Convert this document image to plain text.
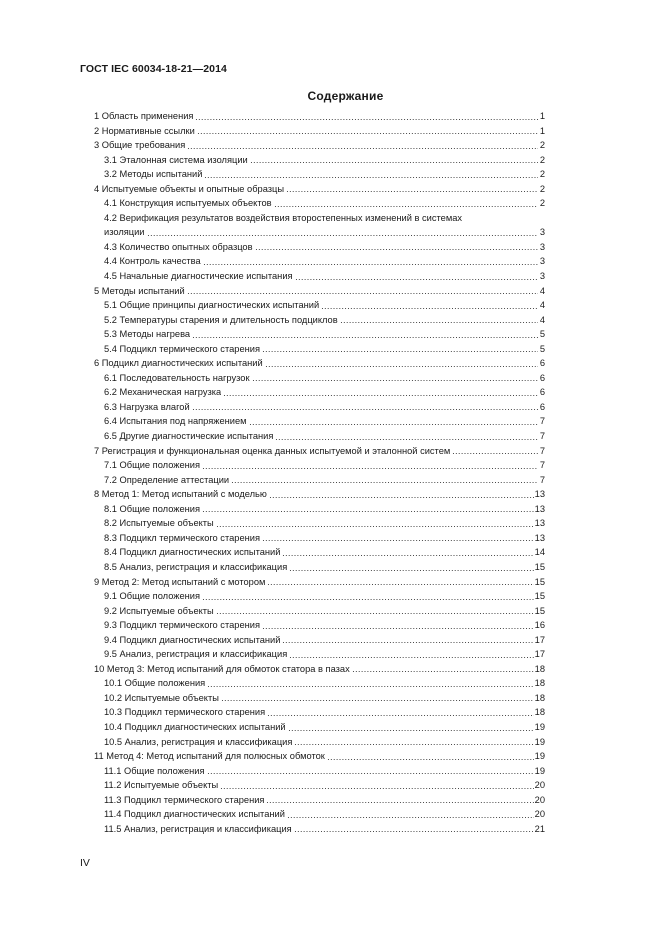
ГОСТ IEC 60034-18-21—2014
Содержание
1 Область применения	1
2 Нормативные ссылки	1
3 Общие требования	2
3.1 Эталонная система изоляции	2
3.2 Методы испытаний	2
4 Испытуемые объекты и опытные образцы	2
4.1 Конструкция испытуемых объектов	2
4.2 Верификация результатов воздействия второстепенных изменений в системах
изоляции	3
4.3 Количество опытных образцов	3
4.4 Контроль качества	3
4.5 Начальные диагностические испытания	3
5 Методы испытаний	4
5.1 Общие принципы диагностических испытаний	4
5.2 Температуры старения и длительность подциклов	4
5.3 Методы нагрева	5
5.4 Подцикл термического старения	5
6 Подцикл диагностических испытаний	6
6.1 Последовательность нагрузок	6
6.2 Механическая нагрузка	6
6.3 Нагрузка влагой	6
6.4 Испытания под напряжением	7
6.5 Другие диагностические испытания	7
7 Регистрация и функциональная оценка данных испытуемой и эталонной систем	7
7.1 Общие положения	7
7.2 Определение аттестации	7
8 Метод 1: Метод испытаний с моделью	13
8.1 Общие положения	13
8.2 Испытуемые объекты	13
8.3 Подцикл термического старения	13
8.4 Подцикл диагностических испытаний	14
8.5 Анализ, регистрация и классификация	15
9 Метод 2: Метод испытаний с мотором	15
9.1 Общие положения	15
9.2 Испытуемые объекты	15
9.3 Подцикл термического старения	16
9.4 Подцикл диагностических испытаний	17
9.5 Анализ, регистрация и классификация	17
10 Метод 3: Метод испытаний для обмоток статора в пазах	18
10.1 Общие положения	18
10.2 Испытуемые объекты	18
10.3 Подцикл термического старения	18
10.4 Подцикл диагностических испытаний	19
10.5 Анализ, регистрация и классификация	19
11 Метод 4: Метод испытаний для полюсных обмоток	19
11.1 Общие положения	19
11.2 Испытуемые объекты	20
11.3 Подцикл термического старения	20
11.4 Подцикл диагностических испытаний	20
11.5 Анализ, регистрация и классификация	21
IV
